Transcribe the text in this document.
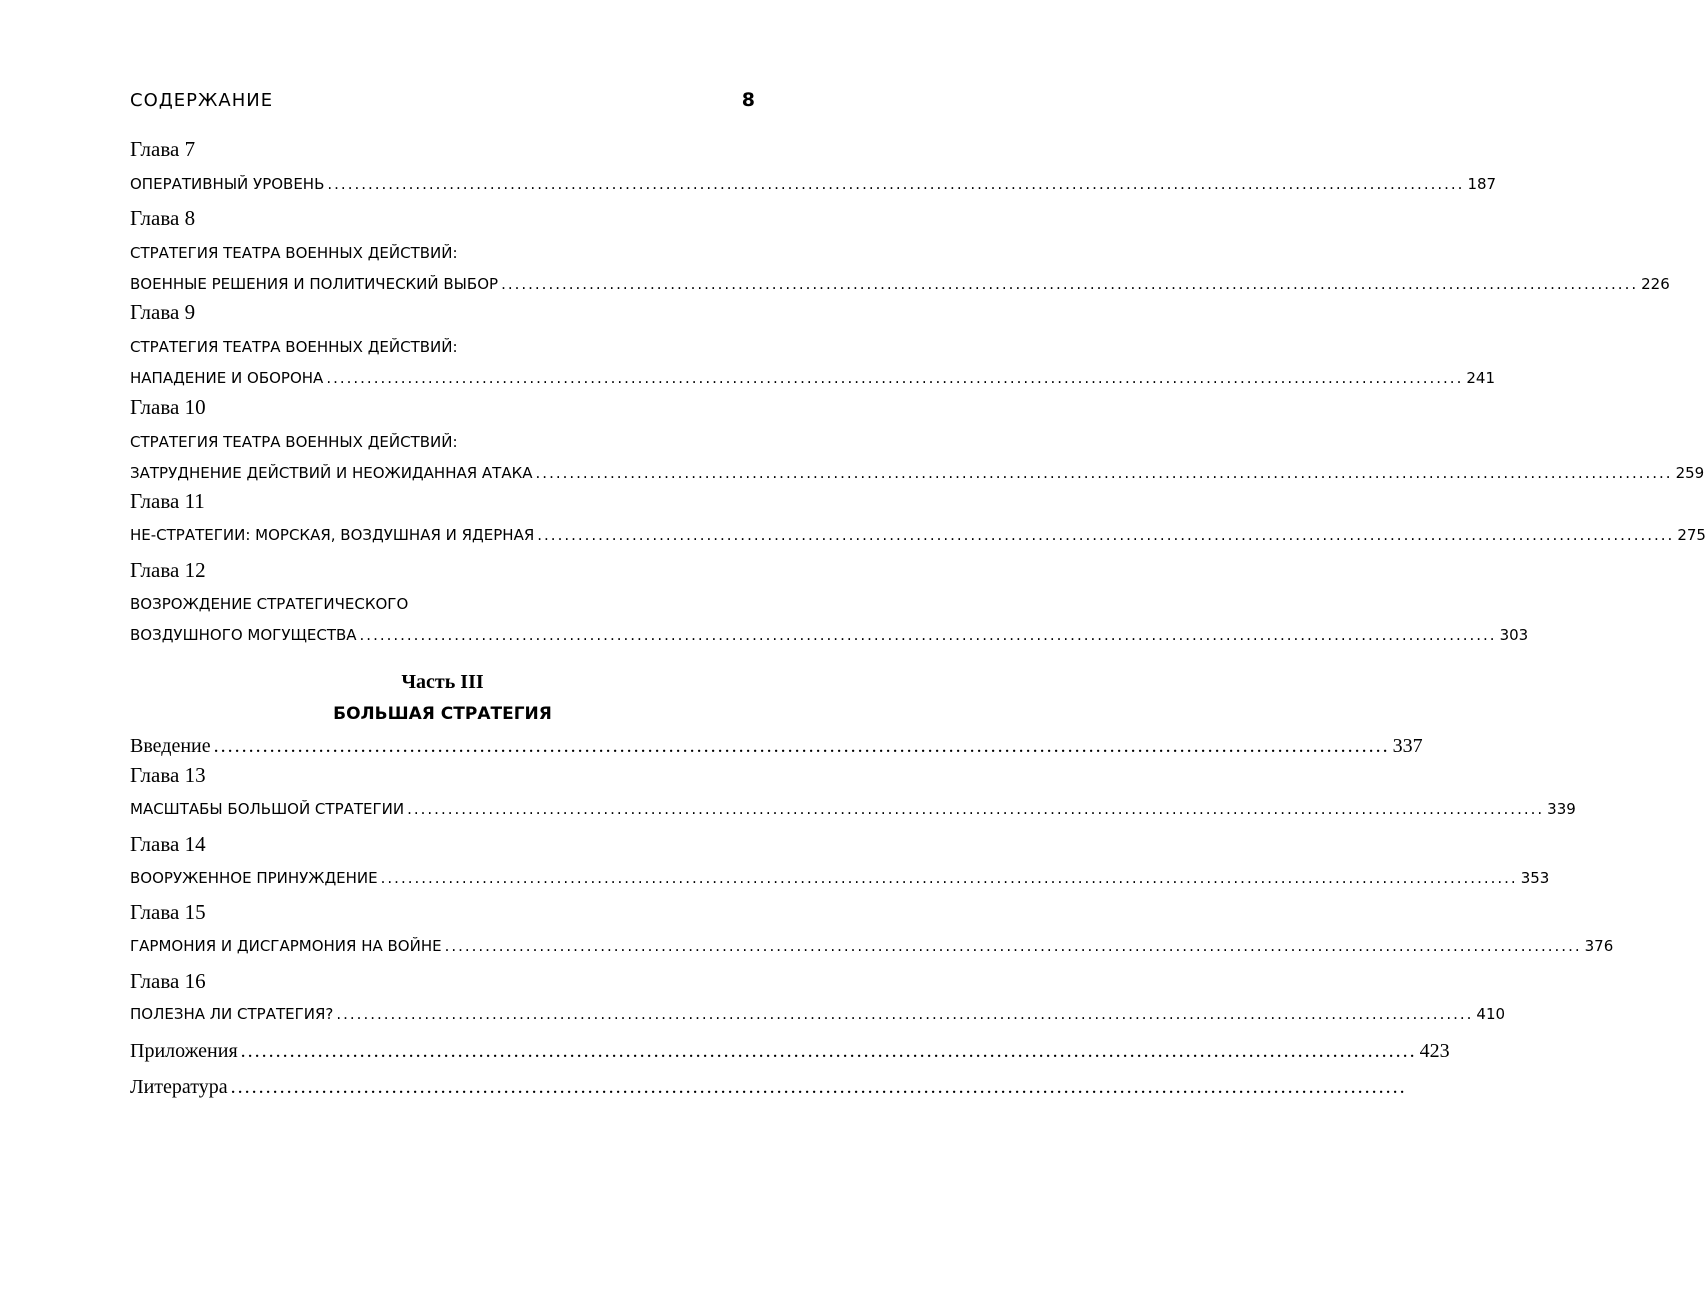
СОДЕРЖАНИЕ	8
Глава 7
ОПЕРАТИВНЫЙ УРОВЕНЬ ........................................................................................................................................................................ 187
Глава 8
СТРАТЕГИЯ ТЕАТРА ВОЕННЫХ ДЕЙСТВИЙ:
ВОЕННЫЕ РЕШЕНИЯ И ПОЛИТИЧЕСКИЙ ВЫБОР ........................................................................................................................................................................ 226
Глава 9
СТРАТЕГИЯ ТЕАТРА ВОЕННЫХ ДЕЙСТВИЙ:
НАПАДЕНИЕ И ОБОРОНА ........................................................................................................................................................................ 241
Глава 10
СТРАТЕГИЯ ТЕАТРА ВОЕННЫХ ДЕЙСТВИЙ:
ЗАТРУДНЕНИЕ ДЕЙСТВИЙ И НЕОЖИДАННАЯ АТАКА ........................................................................................................................................................................ 259
Глава 11
НЕ-СТРАТЕГИИ: МОРСКАЯ, ВОЗДУШНАЯ И ЯДЕРНАЯ ........................................................................................................................................................................ 275
Глава 12
ВОЗРОЖДЕНИЕ СТРАТЕГИЧЕСКОГО
ВОЗДУШНОГО МОГУЩЕСТВА ........................................................................................................................................................................ 303
Часть III
БОЛЬШАЯ СТРАТЕГИЯ
Введение ........................................................................................................................................................................ 337
Глава 13
МАСШТАБЫ БОЛЬШОЙ СТРАТЕГИИ ........................................................................................................................................................................ 339
Глава 14
ВООРУЖЕННОЕ ПРИНУЖДЕНИЕ ........................................................................................................................................................................ 353
Глава 15
ГАРМОНИЯ И ДИСГАРМОНИЯ НА ВОЙНЕ ........................................................................................................................................................................ 376
Глава 16
ПОЛЕЗНА ЛИ СТРАТЕГИЯ? ........................................................................................................................................................................ 410
Приложения ........................................................................................................................................................................ 423
Литература ........................................................................................................................................................................
